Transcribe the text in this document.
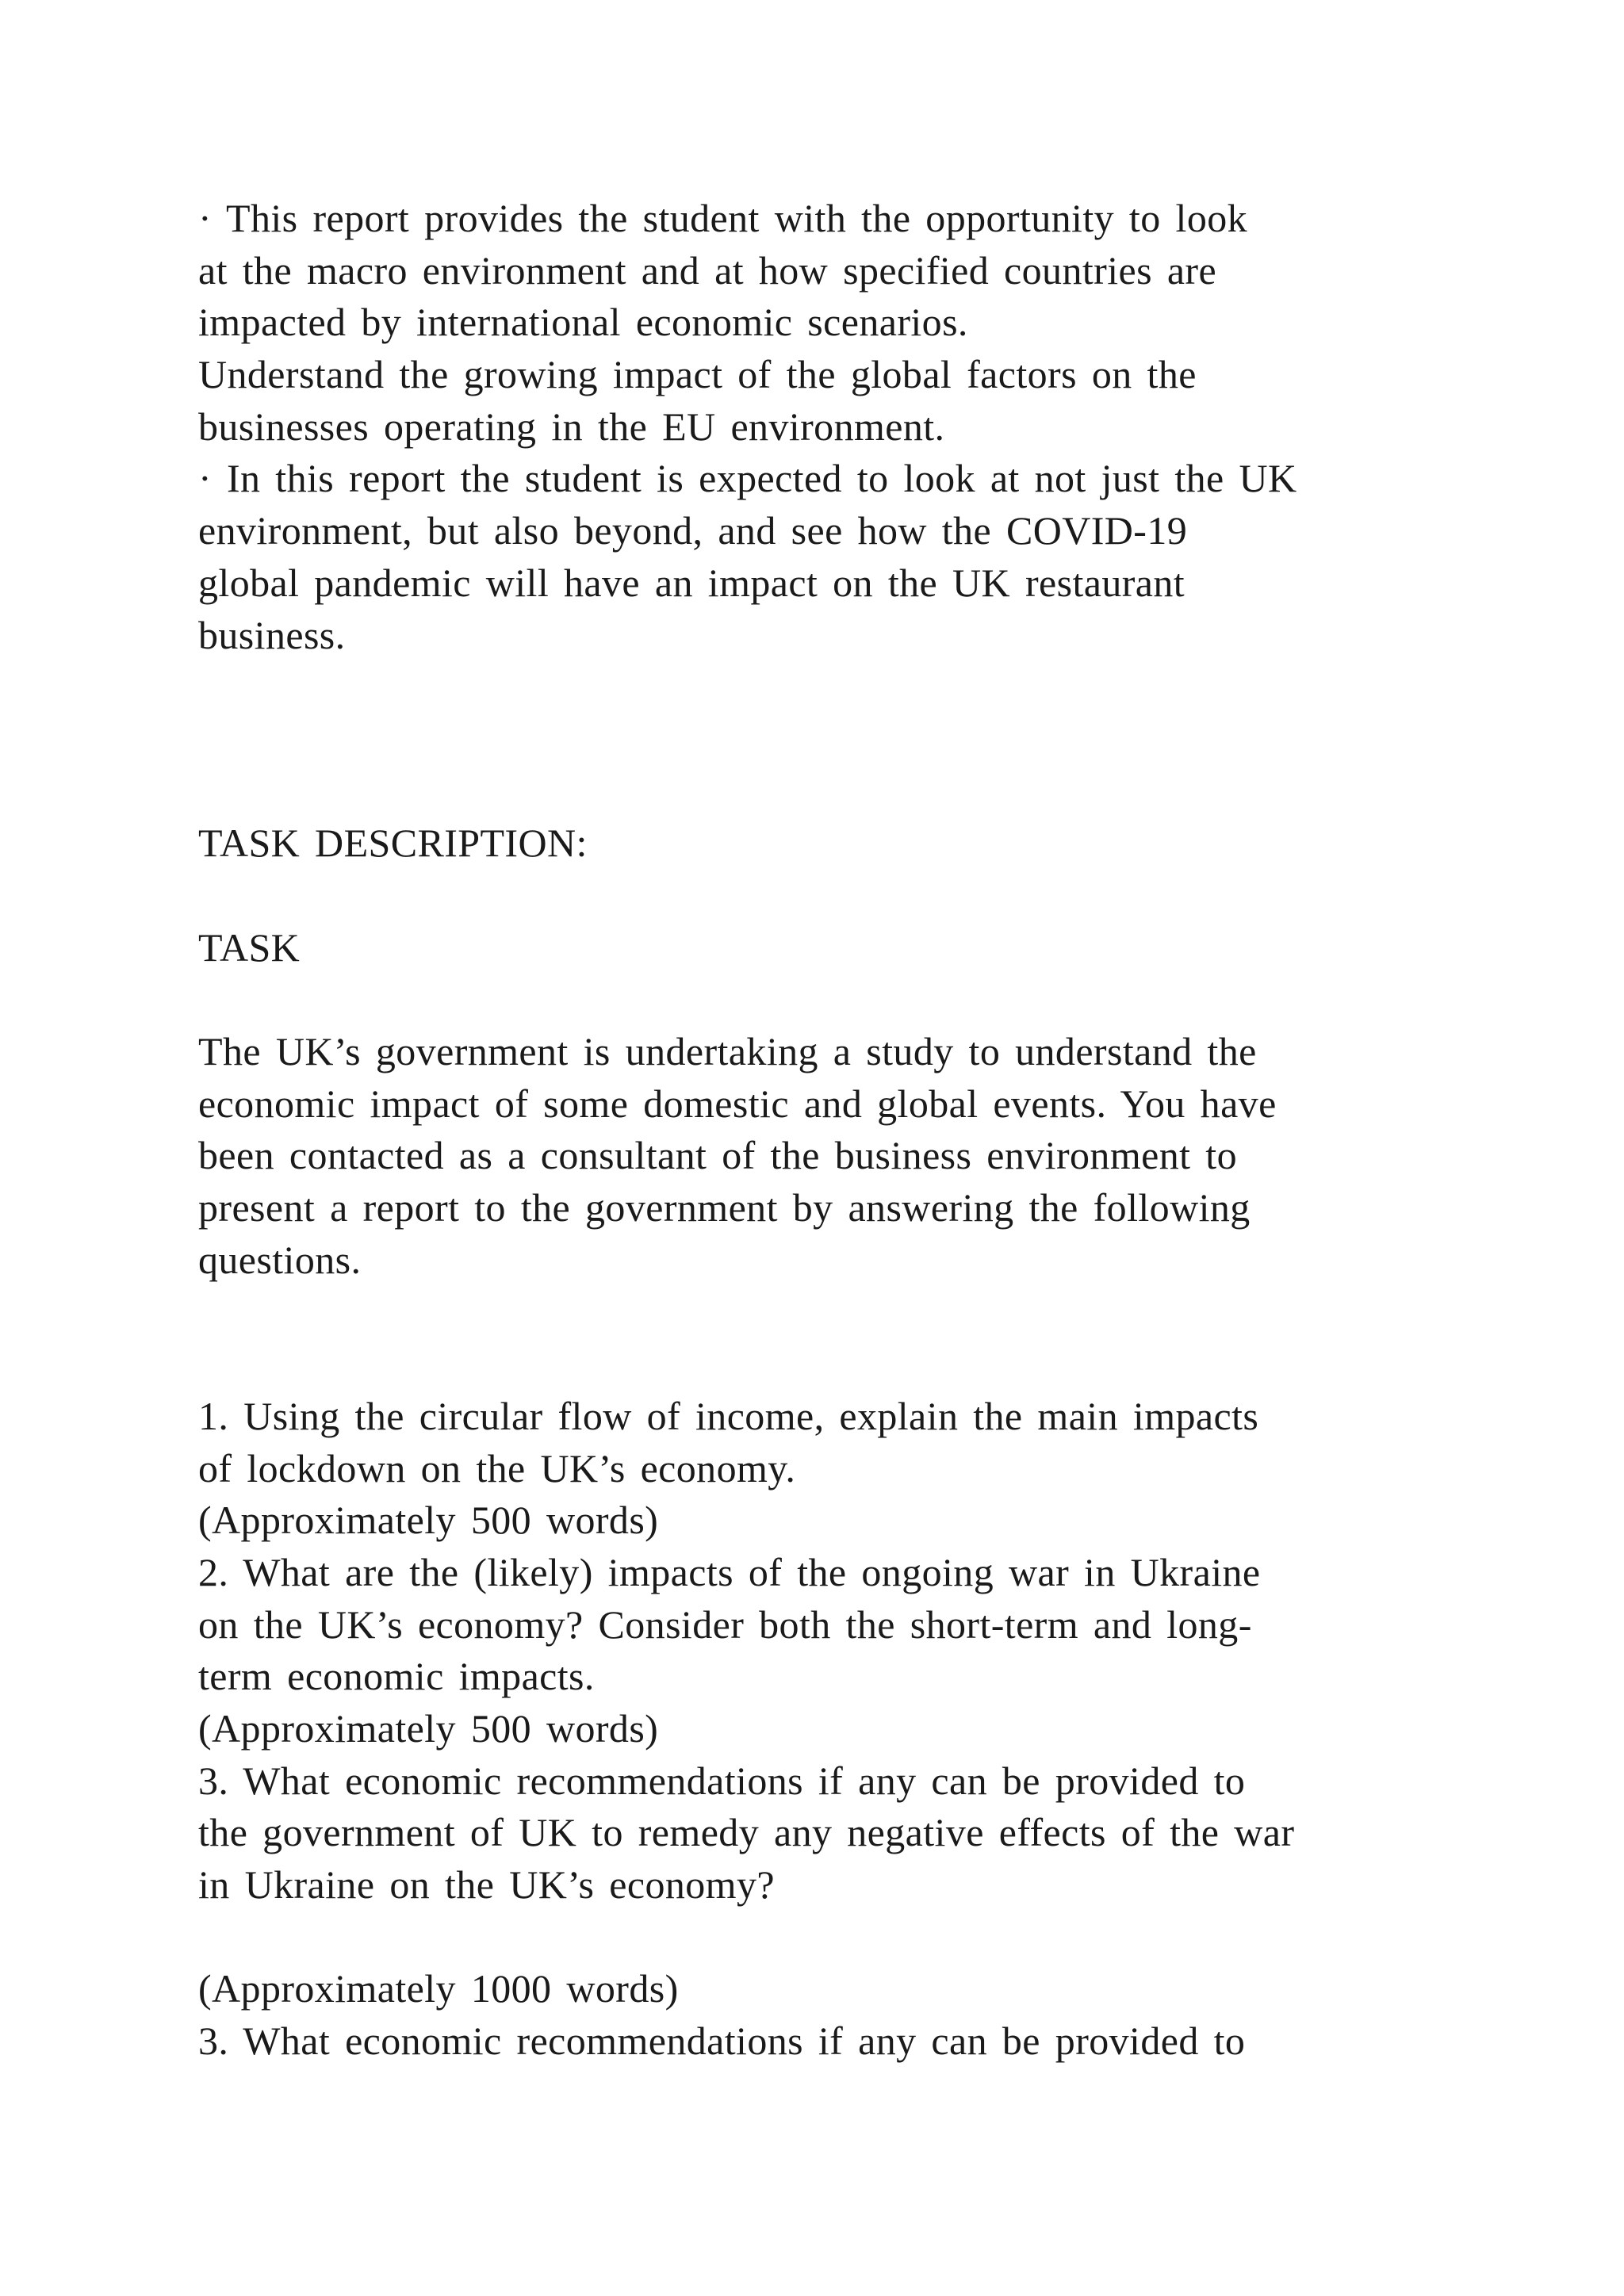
· This report provides the student with the opportunity to look
at the macro environment and at how specified countries are
impacted by international economic scenarios.
Understand the growing impact of the global factors on the
businesses operating in the EU environment.
· In this report the student is expected to look at not just the UK
environment, but also beyond, and see how the COVID-19
global pandemic will have an impact on the UK restaurant
business.
TASK DESCRIPTION:
TASK
The UK’s government is undertaking a study to understand the
economic impact of some domestic and global events. You have
been contacted as a consultant of the business environment to
present a report to the government by answering the following
questions.
1. Using the circular flow of income, explain the main impacts
of lockdown on the UK’s economy.
(Approximately 500 words)
2. What are the (likely) impacts of the ongoing war in Ukraine
on the UK’s economy? Consider both the short-term and long-
term economic impacts.
(Approximately 500 words)
3. What economic recommendations if any can be provided to
the government of UK to remedy any negative effects of the war
in Ukraine on the UK’s economy?
(Approximately 1000 words)
3. What economic recommendations if any can be provided to
